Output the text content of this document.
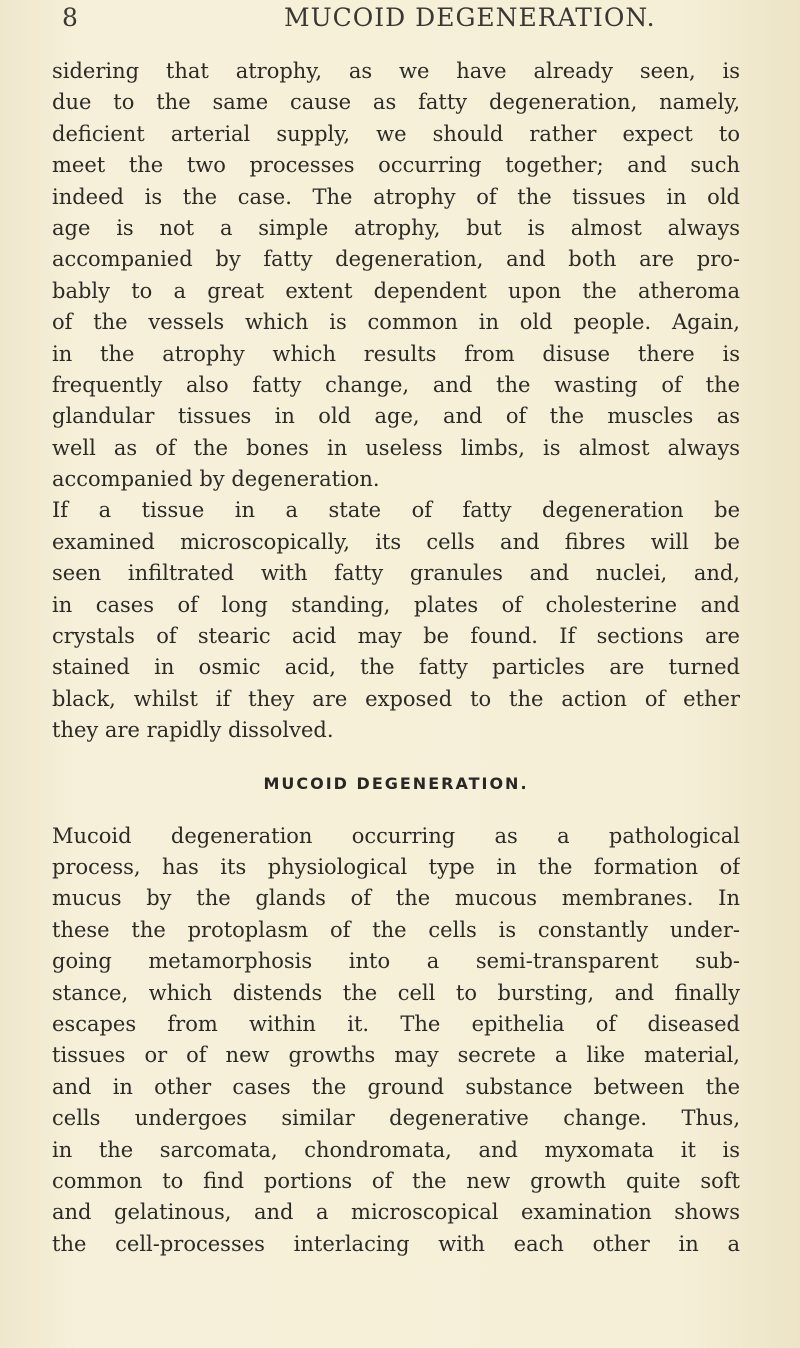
8	MUCOID DEGENERATION.
sidering that atrophy, as we have already seen, is
due to the same cause as fatty degeneration, namely,
deficient arterial supply, we should rather expect to
meet the two processes occurring together; and such
indeed is the case. The atrophy of the tissues in old
age is not a simple atrophy, but is almost always
accompanied by fatty degeneration, and both are pro-
bably to a great extent dependent upon the atheroma
of the vessels which is common in old people. Again,
in the atrophy which results from disuse there is
frequently also fatty change, and the wasting of the
glandular tissues in old age, and of the muscles as
well as of the bones in useless limbs, is almost always
accompanied by degeneration.
If a tissue in a state of fatty degeneration be
examined microscopically, its cells and fibres will be
seen infiltrated with fatty granules and nuclei, and,
in cases of long standing, plates of cholesterine and
crystals of stearic acid may be found. If sections are
stained in osmic acid, the fatty particles are turned
black, whilst if they are exposed to the action of ether
they are rapidly dissolved.
MUCOID DEGENERATION.
Mucoid degeneration occurring as a pathological
process, has its physiological type in the formation of
mucus by the glands of the mucous membranes. In
these the protoplasm of the cells is constantly under-
going metamorphosis into a semi-transparent sub-
stance, which distends the cell to bursting, and finally
escapes from within it. The epithelia of diseased
tissues or of new growths may secrete a like material,
and in other cases the ground substance between the
cells undergoes similar degenerative change. Thus,
in the sarcomata, chondromata, and myxomata it is
common to find portions of the new growth quite soft
and gelatinous, and a microscopical examination shows
the cell-processes interlacing with each other in a
